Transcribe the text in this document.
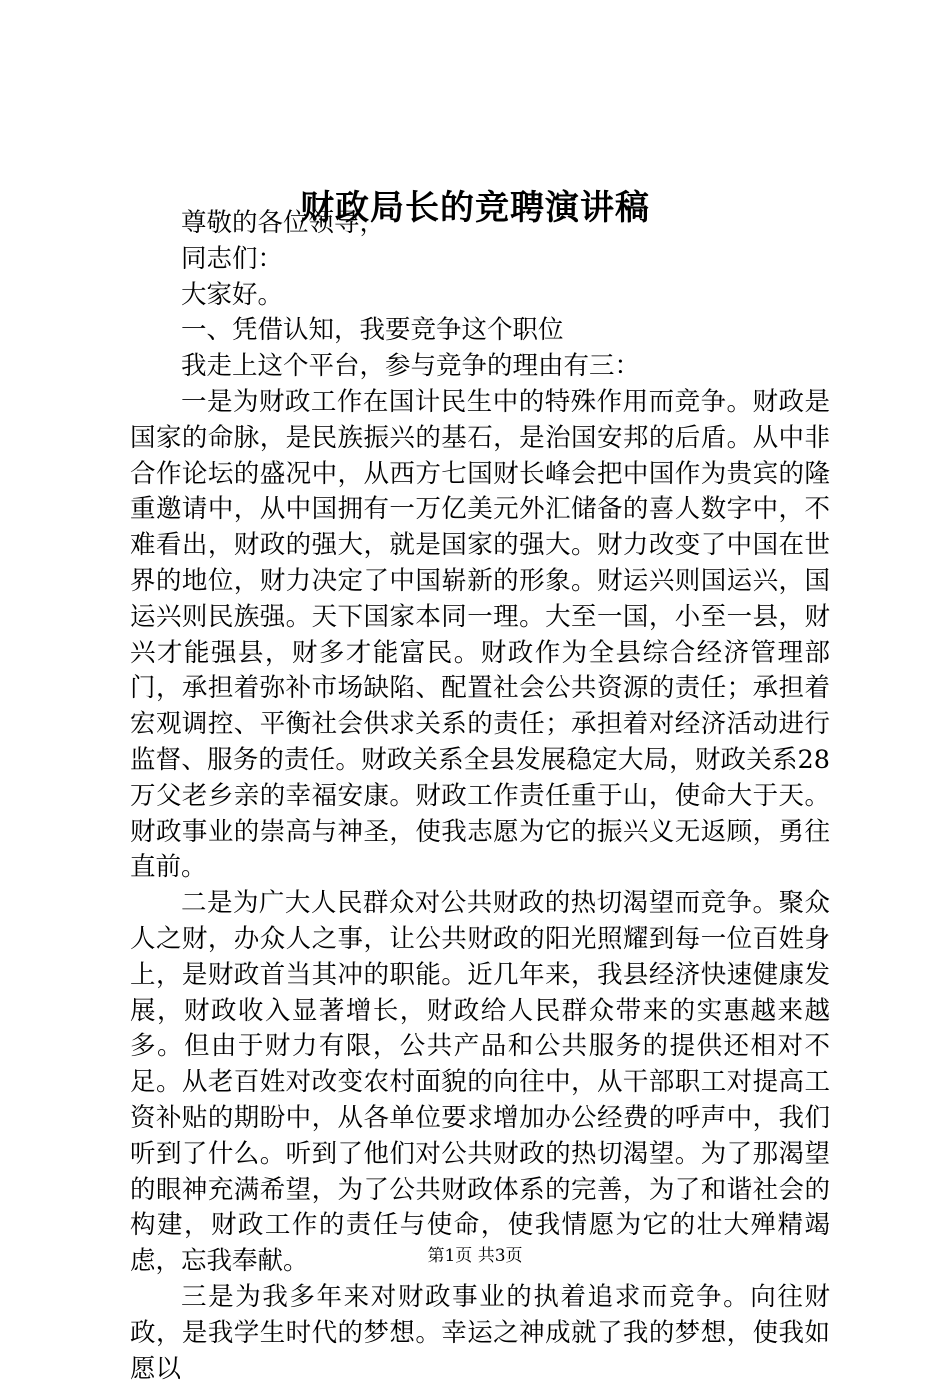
财政局长的竞聘演讲稿

尊敬的各位领导，

同志们：

大家好。

一、凭借认知，我要竞争这个职位

我走上这个平台，参与竞争的理由有三：

一是为财政工作在国计民生中的特殊作用而竞争。财政是国家的命脉，是民族振兴的基石，是治国安邦的后盾。从中非合作论坛的盛况中，从西方七国财长峰会把中国作为贵宾的隆重邀请中，从中国拥有一万亿美元外汇储备的喜人数字中，不难看出，财政的强大，就是国家的强大。财力改变了中国在世界的地位，财力决定了中国崭新的形象。财运兴则国运兴，国运兴则民族强。天下国家本同一理。大至一国，小至一县，财兴才能强县，财多才能富民。财政作为全县综合经济管理部门，承担着弥补市场缺陷、配置社会公共资源的责任；承担着宏观调控、平衡社会供求关系的责任；承担着对经济活动进行监督、服务的责任。财政关系全县发展稳定大局，财政关系28万父老乡亲的幸福安康。财政工作责任重于山，使命大于天。财政事业的崇高与神圣，使我志愿为它的振兴义无返顾，勇往直前。

二是为广大人民群众对公共财政的热切渴望而竞争。聚众人之财，办众人之事，让公共财政的阳光照耀到每一位百姓身上，是财政首当其冲的职能。近几年来，我县经济快速健康发展，财政收入显著增长，财政给人民群众带来的实惠越来越多。但由于财力有限，公共产品和公共服务的提供还相对不足。从老百姓对改变农村面貌的向往中，从干部职工对提高工资补贴的期盼中，从各单位要求增加办公经费的呼声中，我们听到了什么。听到了他们对公共财政的热切渴望。为了那渴望的眼神充满希望，为了公共财政体系的完善，为了和谐社会的构建，财政工作的责任与使命，使我情愿为它的壮大殚精竭虑，忘我奉献。

三是为我多年来对财政事业的执着追求而竞争。向往财政，是我学生时代的梦想。幸运之神成就了我的梦想，使我如愿以

第1页 共3页
